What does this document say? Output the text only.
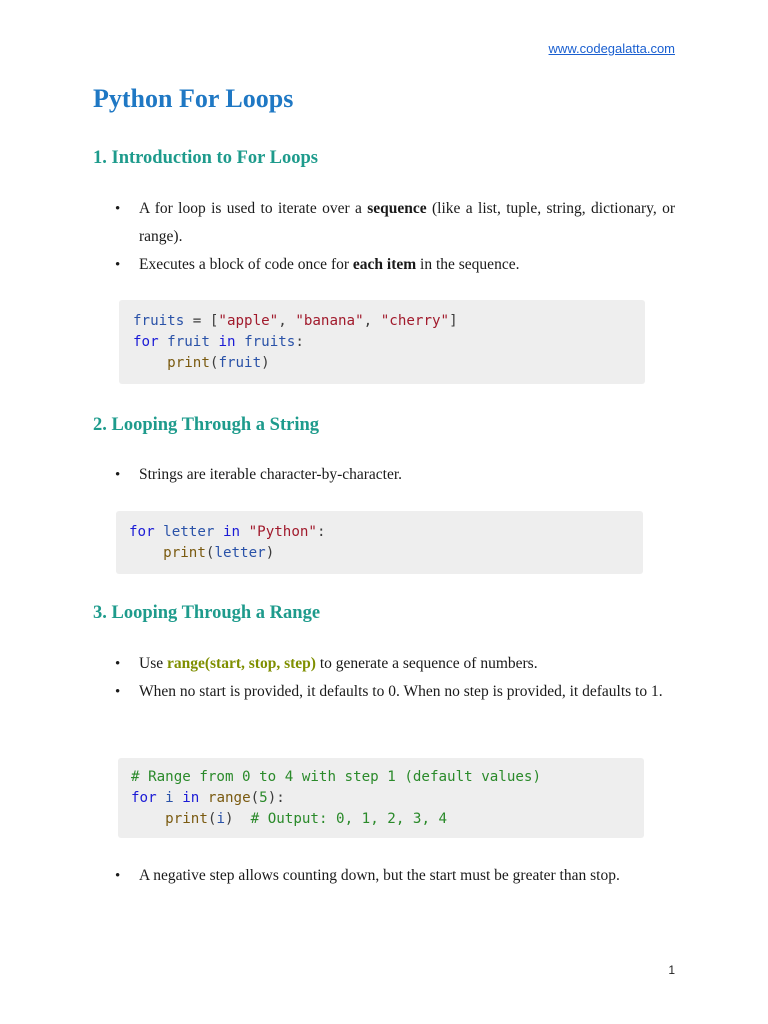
www.codegalatta.com
Python For Loops
1. Introduction to For Loops
• A for loop is used to iterate over a sequence (like a list, tuple, string, dictionary, or range).
• Executes a block of code once for each item in the sequence.
fruits = ["apple", "banana", "cherry"]
for fruit in fruits:
print(fruit)
2. Looping Through a String
• Strings are iterable character-by-character.
for letter in "Python":
print(letter)
3. Looping Through a Range
• Use range(start, stop, step) to generate a sequence of numbers.
• When no start is provided, it defaults to 0. When no step is provided, it defaults to 1.
# Range from 0 to 4 with step 1 (default values)
for i in range(5):
print(i)  # Output: 0, 1, 2, 3, 4
• A negative step allows counting down, but the start must be greater than stop.
1
